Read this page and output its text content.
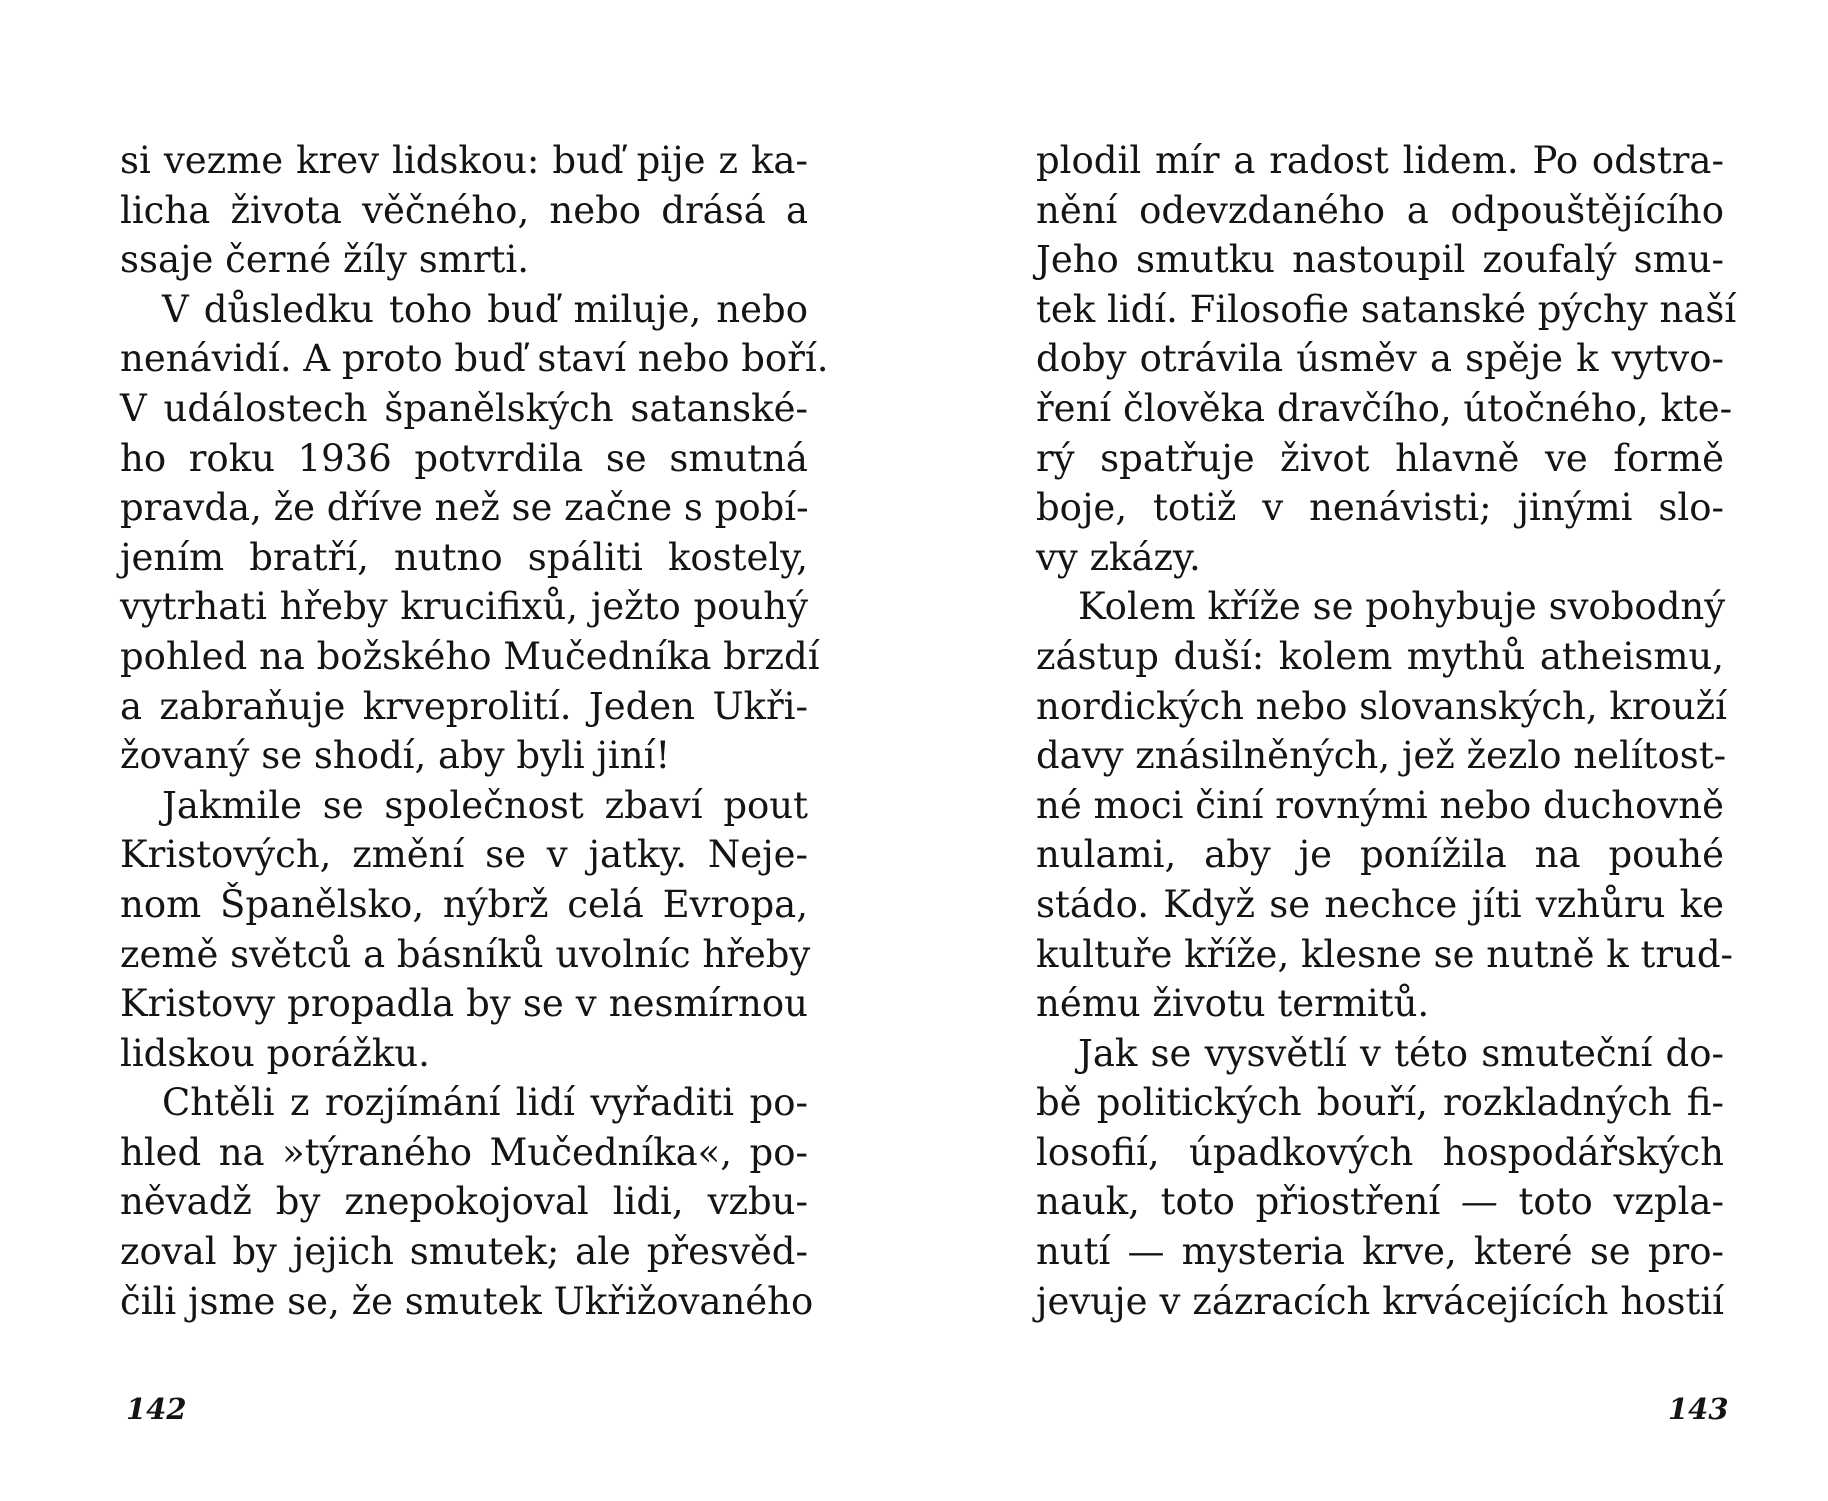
si vezme krev lidskou: buď pije z ka-
licha života věčného, nebo drásá a
ssaje černé žíly smrti.
V důsledku toho buď miluje, nebo
nenávidí. A proto buď staví nebo boří.
V událostech španělských satanské-
ho roku 1936 potvrdila se smutná
pravda, že dříve než se začne s pobí-
jením bratří, nutno spáliti kostely,
vytrhati hřeby krucifixů, ježto pouhý
pohled na božského Mučedníka brzdí
a zabraňuje krveprolití. Jeden Ukři-
žovaný se shodí, aby byli jiní!
Jakmile se společnost zbaví pout
Kristových, změní se v jatky. Neje-
nom Španělsko, nýbrž celá Evropa,
země světců a básníků uvolníc hřeby
Kristovy propadla by se v nesmírnou
lidskou porážku.
Chtěli z rozjímání lidí vyřaditi po-
hled na »týraného Mučedníka«, po-
něvadž by znepokojoval lidi, vzbu-
zoval by jejich smutek; ale přesvěd-
čili jsme se, že smutek Ukřižovaného
142
plodil mír a radost lidem. Po odstra-
nění odevzdaného a odpouštějícího
Jeho smutku nastoupil zoufalý smu-
tek lidí. Filosofie satanské pýchy naší
doby otrávila úsměv a spěje k vytvo-
ření člověka dravčího, útočného, kte-
rý spatřuje život hlavně ve formě
boje, totiž v nenávisti; jinými slo-
vy zkázy.
Kolem kříže se pohybuje svobodný
zástup duší: kolem mythů atheismu,
nordických nebo slovanských, krouží
davy znásilněných, jež žezlo nelítost-
né moci činí rovnými nebo duchovně
nulami, aby je ponížila na pouhé
stádo. Když se nechce jíti vzhůru ke
kultuře kříže, klesne se nutně k trud-
nému životu termitů.
Jak se vysvětlí v této smuteční do-
bě politických bouří, rozkladných fi-
losofií, úpadkových hospodářských
nauk, toto přiostření — toto vzpla-
nutí — mysteria krve, které se pro-
jevuje v zázracích krvácejících hostií
143
